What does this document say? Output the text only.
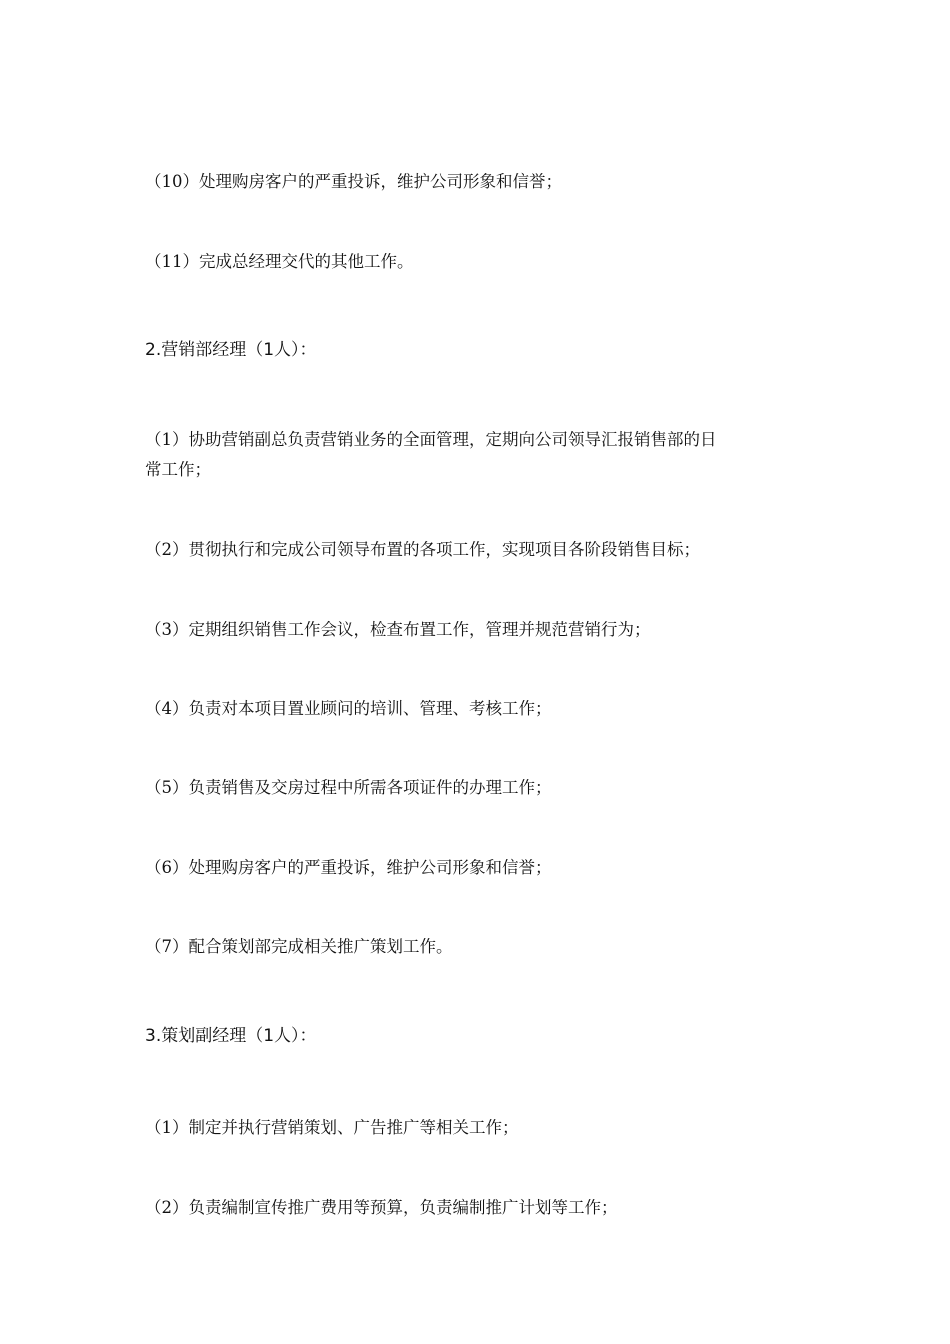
（10）处理购房客户的严重投诉，维护公司形象和信誉；
（11）完成总经理交代的其他工作。
2.营销部经理（1人）：
（1）协助营销副总负责营销业务的全面管理，定期向公司领导汇报销售部的日
常工作；
（2）贯彻执行和完成公司领导布置的各项工作，实现项目各阶段销售目标；
（3）定期组织销售工作会议，检查布置工作，管理并规范营销行为；
（4）负责对本项目置业顾问的培训、管理、考核工作；
（5）负责销售及交房过程中所需各项证件的办理工作；
（6）处理购房客户的严重投诉，维护公司形象和信誉；
（7）配合策划部完成相关推广策划工作。
3.策划副经理（1人）：
（1）制定并执行营销策划、广告推广等相关工作；
（2）负责编制宣传推广费用等预算，负责编制推广计划等工作；
